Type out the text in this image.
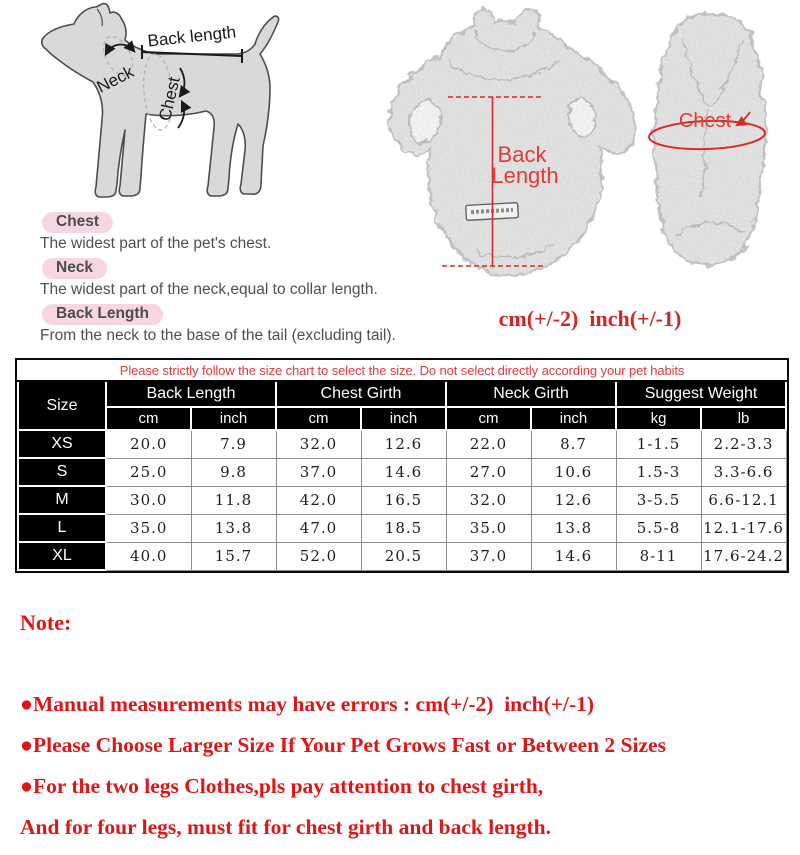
Back length
Neck Chest
Chest
The widest part of the pet's chest.
Neck
The widest part of the neck,equal to collar length.
Back Length
From the neck to the base of the tail (excluding tail).
Back
Length
Chest
cm(+/-2)  inch(+/-1)
Please strictly follow the size chart to select the size. Do not select directly according your pet habits								
Size	Back Length		Chest Girth		Neck Girth		Suggest Weight	
	cm	inch	cm	inch	cm	inch	kg	lb
XS	20.0	7.9	32.0	12.6	22.0	8.7	1-1.5	2.2-3.3
S	25.0	9.8	37.0	14.6	27.0	10.6	1.5-3	3.3-6.6
M	30.0	11.8	42.0	16.5	32.0	12.6	3-5.5	6.6-12.1
L	35.0	13.8	47.0	18.5	35.0	13.8	5.5-8	12.1-17.6
XL	40.0	15.7	52.0	20.5	37.0	14.6	8-11	17.6-24.2

Note:

●Manual measurements may have errors : cm(+/-2)  inch(+/-1)

●Please Choose Larger Size If Your Pet Grows Fast or Between 2 Sizes

●For the two legs Clothes,pls pay attention to chest girth,

And for four legs, must fit for chest girth and back length.
